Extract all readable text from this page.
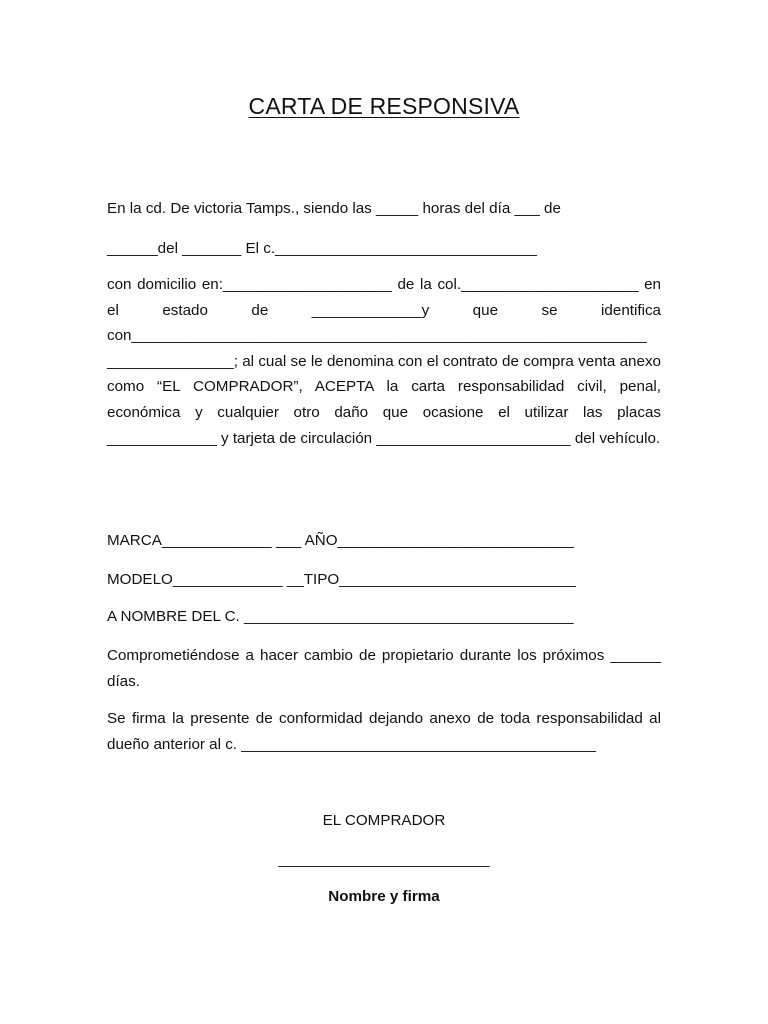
CARTA DE RESPONSIVA

En la cd. De victoria Tamps., siendo las _____ horas del día ___ de

______del _______ El c._______________________________

con domicilio en:____________________ de la col._____________________ en el estado de _____________y que se identifica con_____________________________________________________________ _______________; al cual se le denomina con el contrato de compra venta anexo como “EL COMPRADOR”, ACEPTA la carta responsabilidad civil, penal, económica y cualquier otro daño que ocasione el utilizar las placas _____________ y tarjeta de circulación _______________________ del vehículo.

MARCA_____________ ___ AÑO____________________________

MODELO_____________ __TIPO____________________________

A NOMBRE DEL C. _______________________________________

Comprometiéndose a hacer cambio de propietario durante los próximos ______ días.

Se firma la presente de conformidad dejando anexo de toda responsabilidad al dueño anterior al c. __________________________________________

EL COMPRADOR
_________________________
Nombre y firma
